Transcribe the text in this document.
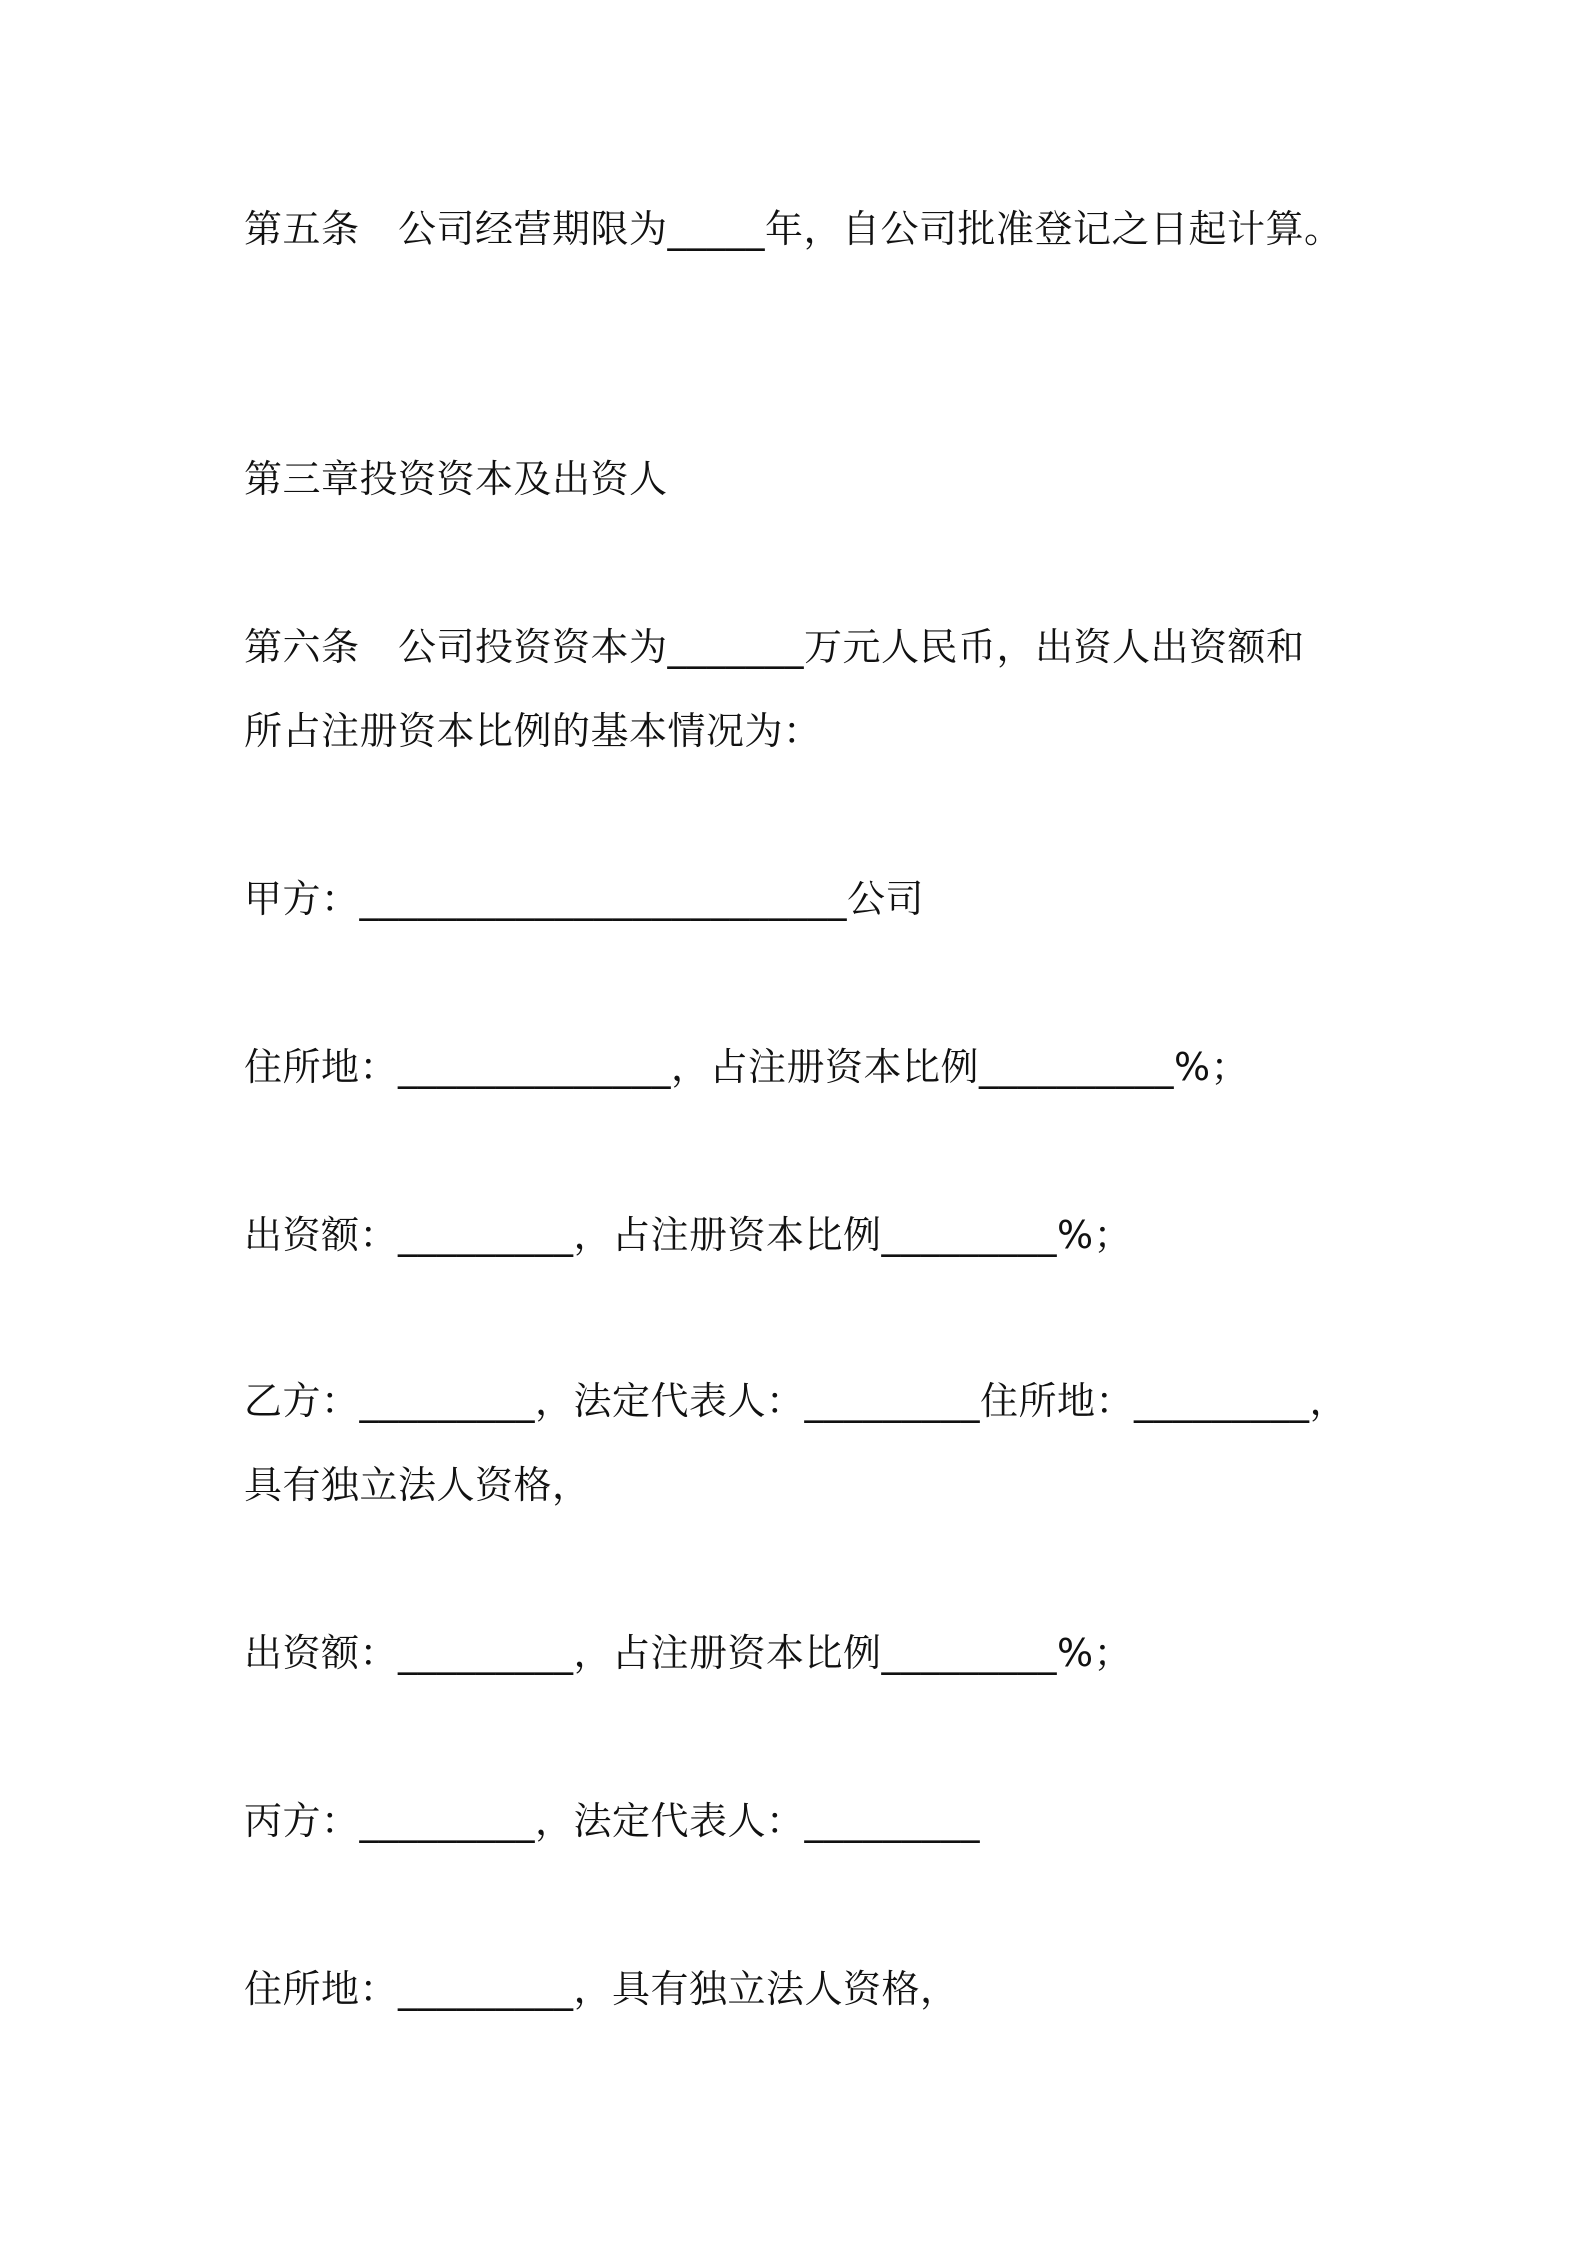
第五条　公司经营期限为_____年，自公司批准登记之日起计算。
第三章投资资本及出资人
第六条　公司投资资本为_______万元人民币，出资人出资额和
所占注册资本比例的基本情况为：
甲方：_________________________公司
住所地：______________，占注册资本比例__________%；
出资额：_________，占注册资本比例_________%；
乙方：_________，法定代表人：_________住所地：_________，
具有独立法人资格，
出资额：_________，占注册资本比例_________%；
丙方：_________，法定代表人：_________
住所地：_________，具有独立法人资格，
